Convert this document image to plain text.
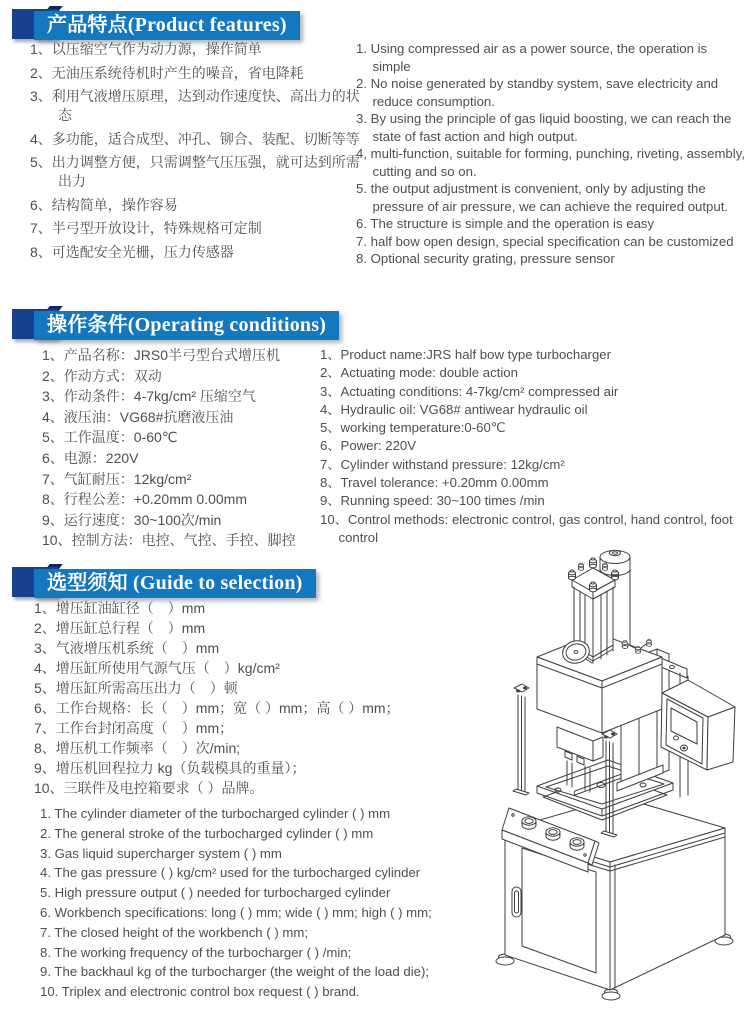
产品特点(Product features)
1、以压缩空气作为动力源，操作简单
2、无油压系统待机时产生的噪音，省电降耗
3、利用气液增压原理，达到动作速度快、高出力的状态
4、多功能，适合成型、冲孔、铆合、装配、切断等等
5、出力调整方便，只需调整气压压强，就可达到所需出力
6、结构简单，操作容易
7、半弓型开放设计，特殊规格可定制
8、可选配安全光栅，压力传感器
1. Using compressed air as a power source, the operation is simple
2. No noise generated by standby system, save electricity and reduce consumption.
3. By using the principle of gas liquid boosting, we can reach the state of fast action and high output.
4, multi-function, suitable for forming, punching, riveting, assembly, cutting and so on.
5. the output adjustment is convenient, only by adjusting the pressure of air pressure, we can achieve the required output.
6. The structure is simple and the operation is easy
7. half bow open design, special specification can be customized
8. Optional security grating, pressure sensor
操作条件(Operating conditions)
1、产品名称：JRS0半弓型台式增压机
2、作动方式：双动
3、作动条件：4-7kg/cm² 压缩空气
4、液压油：VG68#抗磨液压油
5、工作温度：0-60℃
6、电源：220V
7、气缸耐压：12kg/cm²
8、行程公差：+0.20mm 0.00mm
9、运行速度：30~100次/min
10、控制方法：电控、气控、手控、脚控
1、Product name:JRS half bow type turbocharger
2、Actuating mode: double action
3、Actuating conditions: 4-7kg/cm² compressed air
4、Hydraulic oil: VG68# antiwear hydraulic oil
5、working temperature:0-60℃
6、Power: 220V
7、Cylinder withstand pressure: 12kg/cm²
8、Travel tolerance: +0.20mm 0.00mm
9、Running speed: 30~100 times /min
10、Control methods: electronic control, gas control, hand control, foot control
选型须知 (Guide to selection)
1、增压缸油缸径（　）mm
2、增压缸总行程（　）mm
3、气液增压机系统（　）mm
4、增压缸所使用气源气压（　）kg/cm²
5、增压缸所需高压出力（　）顿
6、工作台规格：长（　）mm；宽（ ）mm；高（ ）mm；
7、工作台封闭高度（　）mm；
8、增压机工作频率（　）次/min;
9、增压机回程拉力 kg（负载模具的重量）；
10、三联件及电控箱要求（ ）品牌。
1. The cylinder diameter of the turbocharged cylinder ( ) mm
2. The general stroke of the turbocharged cylinder ( ) mm
3. Gas liquid supercharger system ( ) mm
4. The gas pressure ( ) kg/cm² used for the turbocharged cylinder
5. High pressure output ( ) needed for turbocharged cylinder
6. Workbench specifications: long ( ) mm; wide ( ) mm; high ( ) mm;
7. The closed height of the workbench ( ) mm;
8. The working frequency of the turbocharger ( ) /min;
9. The backhaul kg of the turbocharger (the weight of the load die);
10. Triplex and electronic control box request ( ) brand.
